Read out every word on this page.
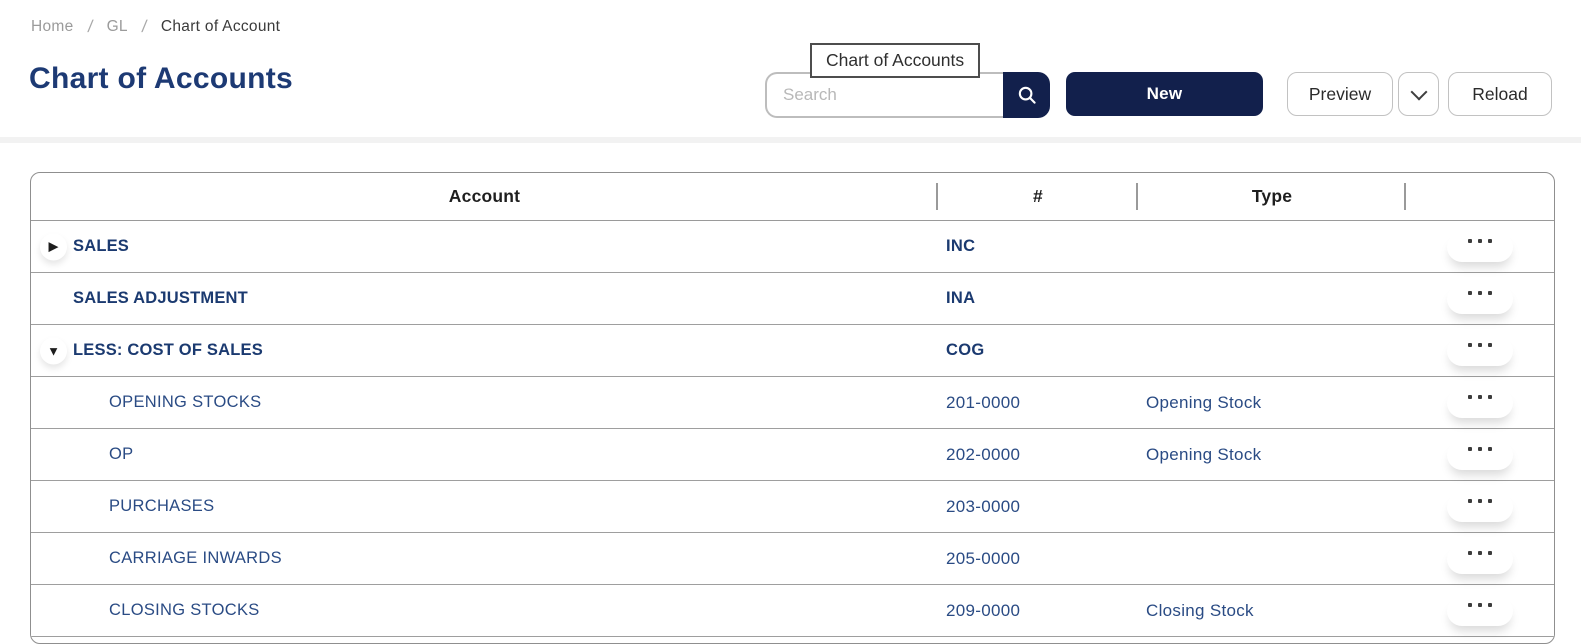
Home / GL / Chart of Account
Chart of Accounts
Chart of Accounts
Search
New	Preview	Reload
Account	#	Type
▶ SALES	INC
SALES ADJUSTMENT	INA
▼ LESS: COST OF SALES	COG
OPENING STOCKS	201-0000	Opening Stock
OP	202-0000	Opening Stock
PURCHASES	203-0000
CARRIAGE INWARDS	205-0000
CLOSING STOCKS	209-0000	Closing Stock
